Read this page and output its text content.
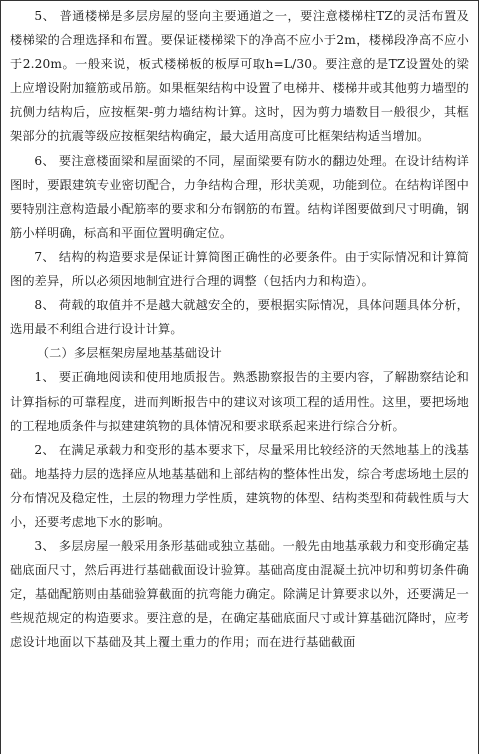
5、 普通楼梯是多层房屋的竖向主要通道之一，要注意楼梯柱TZ的灵活布置及楼梯梁的合理选择和布置。要保证楼梯梁下的净高不应小于2m，楼梯段净高不应小于2.20m。一般来说，板式楼梯板的板厚可取h=L/30。要注意的是TZ设置处的梁上应增设附加箍筋或吊筋。如果框架结构中设置了电梯井、楼梯井或其他剪力墙型的抗侧力结构后，应按框架-剪力墙结构计算。这时，因为剪力墙数目一般很少，其框架部分的抗震等级应按框架结构确定，最大适用高度可比框架结构适当增加。

6、 要注意楼面梁和屋面梁的不同，屋面梁要有防水的翻边处理。在设计结构详图时，要跟建筑专业密切配合，力争结构合理，形状美观，功能到位。在结构详图中要特别注意构造最小配筋率的要求和分布钢筋的布置。结构详图要做到尺寸明确，钢筋小样明确，标高和平面位置明确定位。

7、 结构的构造要求是保证计算简图正确性的必要条件。由于实际情况和计算简图的差异，所以必须因地制宜进行合理的调整（包括内力和构造）。

8、 荷载的取值并不是越大就越安全的，要根据实际情况，具体问题具体分析，选用最不利组合进行设计计算。

（二）多层框架房屋地基基础设计

1、 要正确地阅读和使用地质报告。熟悉勘察报告的主要内容，了解勘察结论和计算指标的可靠程度，进而判断报告中的建议对该项工程的适用性。这里，要把场地的工程地质条件与拟建建筑物的具体情况和要求联系起来进行综合分析。

2、 在满足承载力和变形的基本要求下，尽量采用比较经济的天然地基上的浅基础。地基持力层的选择应从地基基础和上部结构的整体性出发，综合考虑场地土层的分布情况及稳定性，土层的物理力学性质，建筑物的体型、结构类型和荷载性质与大小，还要考虑地下水的影响。

3、 多层房屋一般采用条形基础或独立基础。一般先由地基承载力和变形确定基础底面尺寸，然后再进行基础截面设计验算。基础高度由混凝土抗冲切和剪切条件确定，基础配筋则由基础验算截面的抗弯能力确定。除满足计算要求以外，还要满足一些规范规定的构造要求。要注意的是，在确定基础底面尺寸或计算基础沉降时，应考虑设计地面以下基础及其上覆土重力的作用；而在进行基础截面
